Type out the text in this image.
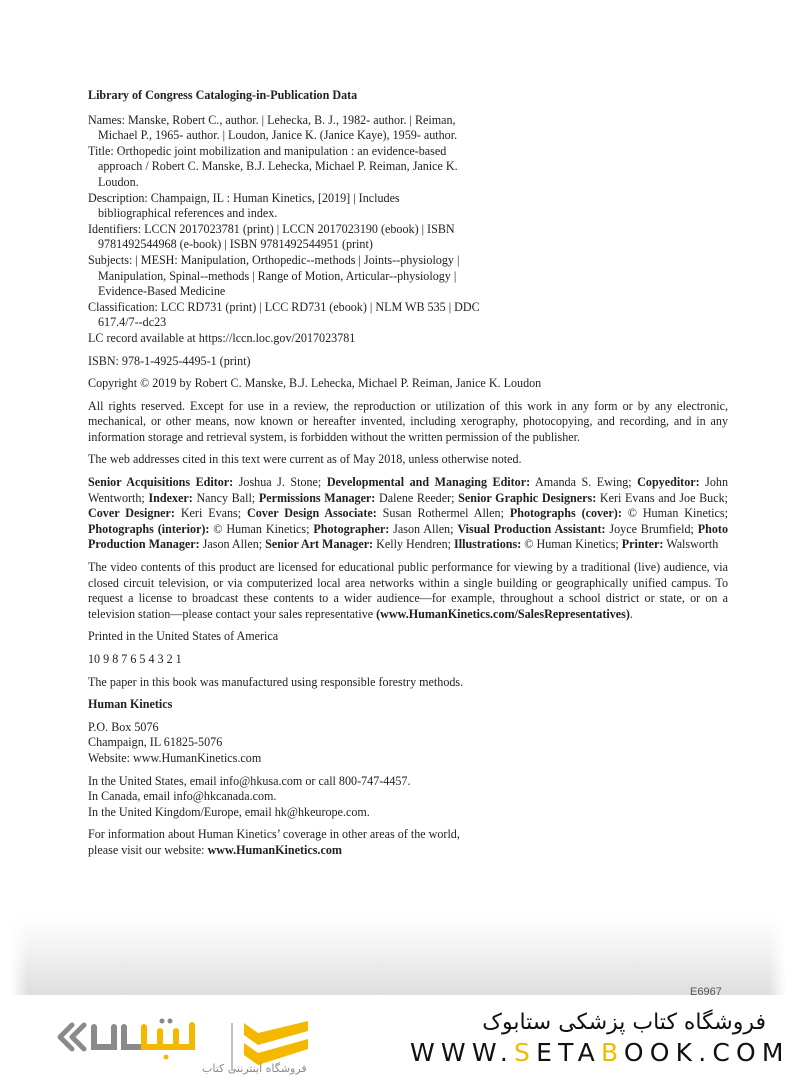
Library of Congress Cataloging-in-Publication Data
Names: Manske, Robert C., author. | Lehecka, B. J., 1982- author. | Reiman,
Michael P., 1965- author. | Loudon, Janice K. (Janice Kaye), 1959- author.
Title: Orthopedic joint mobilization and manipulation : an evidence-based
approach / Robert C. Manske, B.J. Lehecka, Michael P. Reiman, Janice K.
Loudon.
Description: Champaign, IL : Human Kinetics, [2019] | Includes
bibliographical references and index.
Identifiers: LCCN 2017023781 (print) | LCCN 2017023190 (ebook) | ISBN
9781492544968 (e-book) | ISBN 9781492544951 (print)
Subjects: | MESH: Manipulation, Orthopedic--methods | Joints--physiology |
Manipulation, Spinal--methods | Range of Motion, Articular--physiology |
Evidence-Based Medicine
Classification: LCC RD731 (print) | LCC RD731 (ebook) | NLM WB 535 | DDC
617.4/7--dc23
LC record available at https://lccn.loc.gov/2017023781
ISBN: 978-1-4925-4495-1 (print)
Copyright © 2019 by Robert C. Manske, B.J. Lehecka, Michael P. Reiman, Janice K. Loudon
All rights reserved. Except for use in a review, the reproduction or utilization of this work in any form or by any electronic, mechanical, or other means, now known or hereafter invented, including xerography, photocopying, and recording, and in any information storage and retrieval system, is forbidden without the written permission of the publisher.
The web addresses cited in this text were current as of May 2018, unless otherwise noted.
Senior Acquisitions Editor: Joshua J. Stone; Developmental and Managing Editor: Amanda S. Ewing; Copyeditor: John Wentworth; Indexer: Nancy Ball; Permissions Manager: Dalene Reeder; Senior Graphic Designers: Keri Evans and Joe Buck; Cover Designer: Keri Evans; Cover Design Associate: Susan Rothermel Allen; Photographs (cover): © Human Kinetics; Photographs (interior): © Human Kinetics; Photographer: Jason Allen; Visual Production Assistant: Joyce Brumfield; Photo Production Manager: Jason Allen; Senior Art Manager: Kelly Hendren; Illustrations: © Human Kinetics; Printer: Walsworth
The video contents of this product are licensed for educational public performance for viewing by a traditional (live) audience, via closed circuit television, or via computerized local area networks within a single building or geographically unified campus. To request a license to broadcast these contents to a wider audience—for example, throughout a school district or state, or on a television station—please contact your sales representative (www.HumanKinetics.com/SalesRepresentatives).
Printed in the United States of America
10 9 8 7 6 5 4 3 2 1
The paper in this book was manufactured using responsible forestry methods.
Human Kinetics
P.O. Box 5076
Champaign, IL 61825-5076
Website: www.HumanKinetics.com
In the United States, email info@hkusa.com or call 800-747-4457.
In Canada, email info@hkcanada.com.
In the United Kingdom/Europe, email hk@hkeurope.com.
For information about Human Kinetics’ coverage in other areas of the world,
please visit our website: www.HumanKinetics.com
E6967
فروشگاه اینترنتی کتاب
فروشگاه کتاب پزشکی ستابوک
WWW.SETABOOK.COM
